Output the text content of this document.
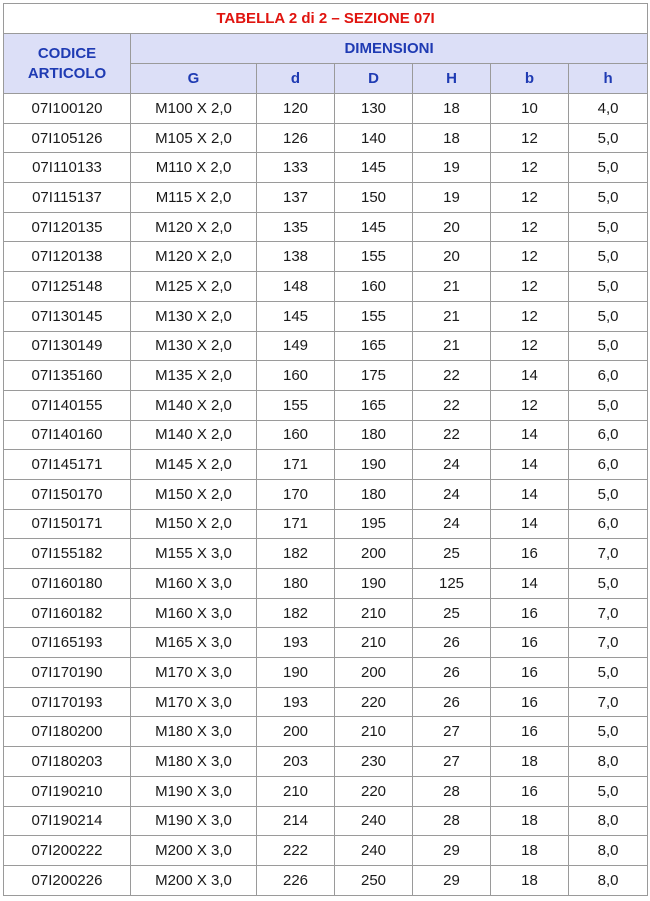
TABELLA 2 di 2 – SEZIONE 07I						
CODICE
ARTICOLO	DIMENSIONI					
	G	d	D	H	b	h
07I100120	M100 X 2,0	120	130	18	10	4,0
07I105126	M105 X 2,0	126	140	18	12	5,0
07I110133	M110 X 2,0	133	145	19	12	5,0
07I115137	M115 X 2,0	137	150	19	12	5,0
07I120135	M120 X 2,0	135	145	20	12	5,0
07I120138	M120 X 2,0	138	155	20	12	5,0
07I125148	M125 X 2,0	148	160	21	12	5,0
07I130145	M130 X 2,0	145	155	21	12	5,0
07I130149	M130 X 2,0	149	165	21	12	5,0
07I135160	M135 X 2,0	160	175	22	14	6,0
07I140155	M140 X 2,0	155	165	22	12	5,0
07I140160	M140 X 2,0	160	180	22	14	6,0
07I145171	M145 X 2,0	171	190	24	14	6,0
07I150170	M150 X 2,0	170	180	24	14	5,0
07I150171	M150 X 2,0	171	195	24	14	6,0
07I155182	M155 X 3,0	182	200	25	16	7,0
07I160180	M160 X 3,0	180	190	125	14	5,0
07I160182	M160 X 3,0	182	210	25	16	7,0
07I165193	M165 X 3,0	193	210	26	16	7,0
07I170190	M170 X 3,0	190	200	26	16	5,0
07I170193	M170 X 3,0	193	220	26	16	7,0
07I180200	M180 X 3,0	200	210	27	16	5,0
07I180203	M180 X 3,0	203	230	27	18	8,0
07I190210	M190 X 3,0	210	220	28	16	5,0
07I190214	M190 X 3,0	214	240	28	18	8,0
07I200222	M200 X 3,0	222	240	29	18	8,0
07I200226	M200 X 3,0	226	250	29	18	8,0
